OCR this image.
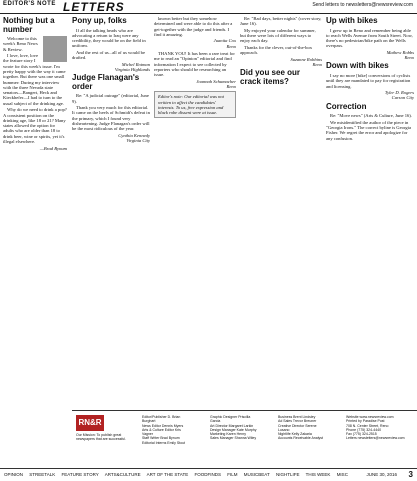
EDITOR'S NOTE LETTERS	Send letters to newsletters@newsreview.com
Nothing but a number

Welcome to this week's Reno News & Review.

I love, love, love the feature story I wrote for this week's issue. I'm pretty happy with the way it came together. But there was one small bummer: During my interview with the three Nevada state senators—Bangert, Heck and Kieckhefer—I had to turn to the usual subject of the drinking age.

Why do we need to drink a pop? A consistent position on the drinking age, like 18 or 21? Many states allowed the option for adults who are older than 18 to drink beer, wine or spirits, yet it's illegal elsewhere.

—Brad Bynum
Pony up, folks

If all the talking heads who are advocating a return to Iraq were any credibility, they would be on the field in uniform.

And the rest of us...all of us would be drafted.

Michel Rotman
Virginia Highlands
Judge Flanagan's order

Re: "A judicial outrage" (editorial, June 9).

Thank you very much for this editorial. It came on the heels of Schmidt's defeat in the primary, which I found very disheartening. Judge Flanagan's order will be the most ridiculous of the year.

Cynthia Kennedy
Virginia City

known better but they somehow determined and were able to do this after a get-together with the judge and friends. I find it amazing.

Juanita Cox
Reno

THANK YOU! It has been a rare treat for me to read an "Opinion" editorial and find information I expect to see collected by reporters who should be researching an issue.

Joannah Schumacher
Reno
Editor's note: Our editorial was not written to affect the candidates' interests. To us, free expression and black robe dissent were at issue.

Re: "Bad days, better nights" (cover story, June 16).

My enjoyed your calendar for summer, but there were lots of different ways to enjoy each day.

Thanks for the clever, out-of-the-box approach.

Suzanne Robbins
Reno
Did you see our crack items?
Up with bikes

I grew up in Reno and remember being able to reach Wells Avenue from South Street. Now, there's no pedestrian/bike path on the Wells overpass.

Mathew Robbs
Reno
Down with bikes

I say no more [bike] conversions of cyclists until they are mandated to pay for registration and licensing.

Tyler D. Rogers
Carson City
Correction

Re: "Move news" (Arts & Culture, June 16).

We misidentified the author of the piece in "Georgia Irons." The correct byline is Georgia Fisher. We regret the error and apologize for any confusion.

RN&R
Our Mission: To publish great newspapers that are successful.
Editor/Publisher D. Brian Burghart
News Editor Dennis Myers
Arts & Culture Editor Kris Vagner
Staff Writer Brad Bynum
Editorial Interns Emily Stout
Graphic Designer Priscilla Garcia
Art Director Margaret Larkin
Design Manager Kate Murphy
Marketing Karen Henry
Sales Manager Shanna Wiley
Business Brent Lindsley
Ad Sales Trevor Breuner
Creative Director Serene Lusano
Nightlife Kelly Zakaria
Accounts Receivable Analyst
Website www.newsreview.com
Printed by Paradise Post
708 N. Center Street, Reno
Phone (775) 324-4440
Fax (775) 324-2515
Letters newsletters@newsreview.com
OPINION STREETALK FEATURE STORY ARTS&CULTURE ART OF THE STATE FOODFINDS FILM MUSICBEAT NIGHTLIFE THIS WEEK MISC	JUNE 30, 2016 3
